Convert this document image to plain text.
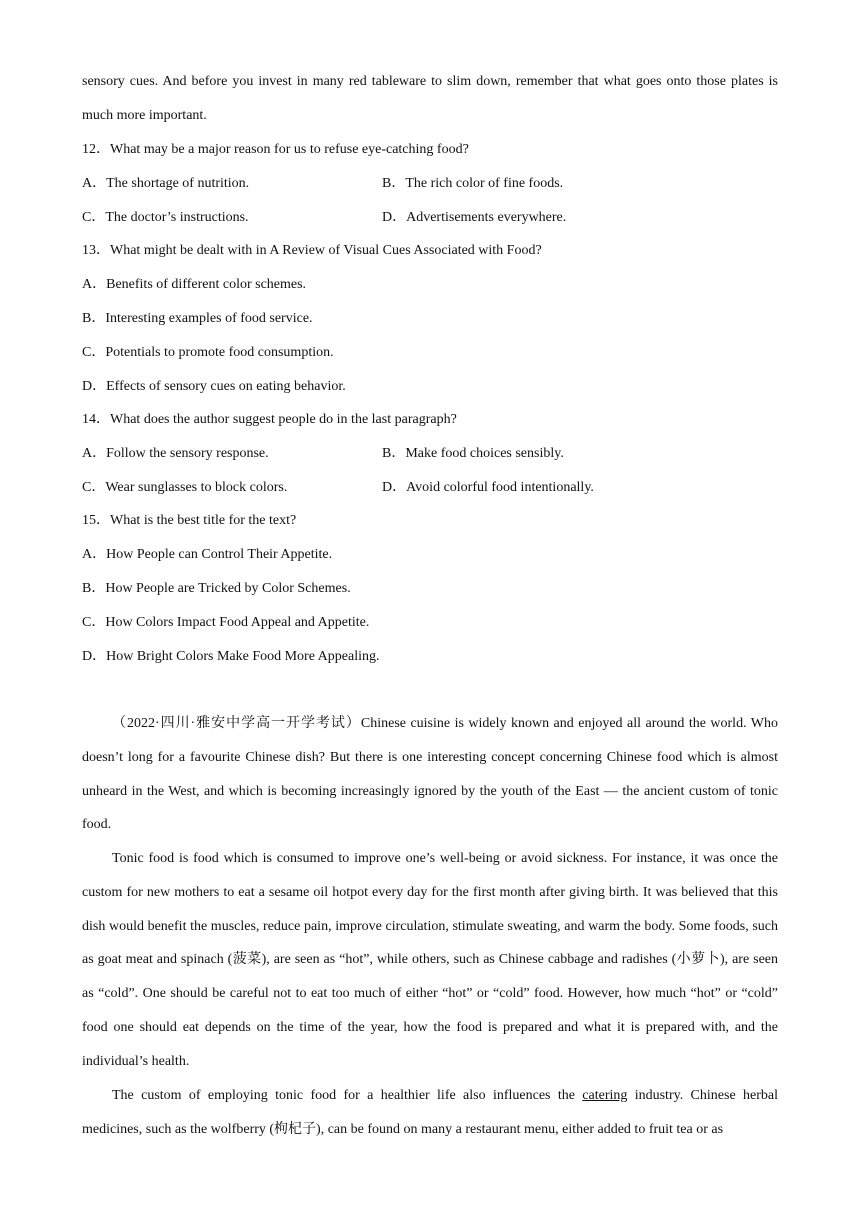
sensory cues. And before you invest in many red tableware to slim down, remember that what goes onto those plates is much more important.

12．What may be a major reason for us to refuse eye-catching food?
A．The shortage of nutrition.	B．The rich color of fine foods.
C．The doctor’s instructions.	D．Advertisements everywhere.
13．What might be dealt with in A Review of Visual Cues Associated with Food?
A．Benefits of different color schemes.
B．Interesting examples of food service.
C．Potentials to promote food consumption.
D．Effects of sensory cues on eating behavior.
14．What does the author suggest people do in the last paragraph?
A．Follow the sensory response.	B．Make food choices sensibly.
C．Wear sunglasses to block colors.	D．Avoid colorful food intentionally.
15．What is the best title for the text?
A．How People can Control Their Appetite.
B．How People are Tricked by Color Schemes.
C．How Colors Impact Food Appeal and Appetite.
D．How Bright Colors Make Food More Appealing.

（2022·四川·雅安中学高一开学考试）Chinese cuisine is widely known and enjoyed all around the world. Who doesn’t long for a favourite Chinese dish? But there is one interesting concept concerning Chinese food which is almost unheard in the West, and which is becoming increasingly ignored by the youth of the East — the ancient custom of tonic food.

Tonic food is food which is consumed to improve one’s well-being or avoid sickness. For instance, it was once the custom for new mothers to eat a sesame oil hotpot every day for the first month after giving birth. It was believed that this dish would benefit the muscles, reduce pain, improve circulation, stimulate sweating, and warm the body. Some foods, such as goat meat and spinach (菠菜), are seen as “hot”, while others, such as Chinese cabbage and radishes (小萝卜), are seen as “cold”. One should be careful not to eat too much of either “hot” or “cold” food. However, how much “hot” or “cold” food one should eat depends on the time of the year, how the food is prepared and what it is prepared with, and the individual’s health.

The custom of employing tonic food for a healthier life also influences the catering industry. Chinese herbal medicines, such as the wolfberry (枸杞子), can be found on many a restaurant menu, either added to fruit tea or as
